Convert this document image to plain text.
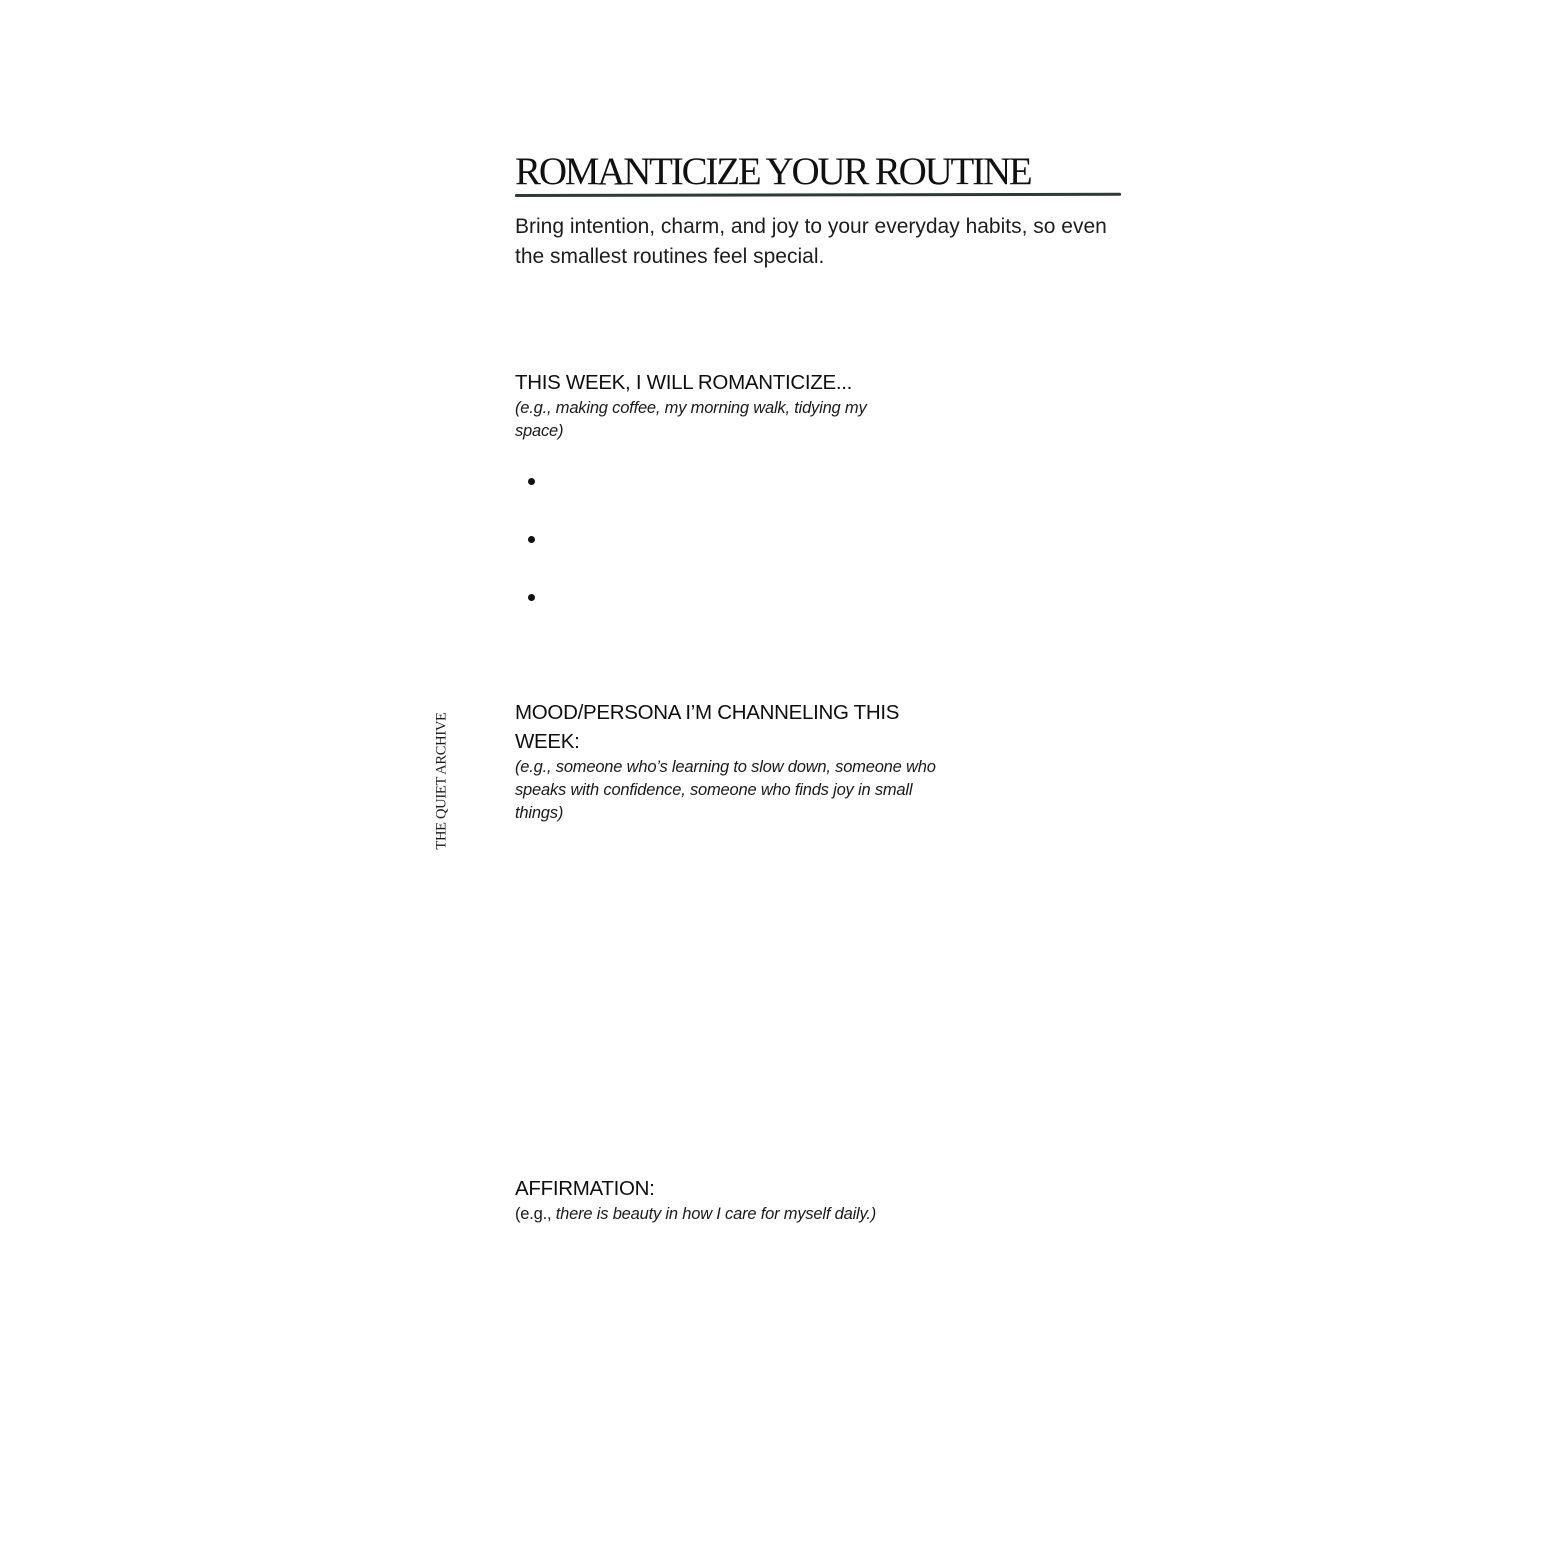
ROMANTICIZE YOUR ROUTINE

Bring intention, charm, and joy to your everyday habits, so even the smallest routines feel special.

THIS WEEK, I WILL ROMANTICIZE...

(e.g., making coffee, my morning walk, tidying my space)

THE QUIET ARCHIVE	MOOD/PERSONA I’M CHANNELING THIS WEEK:

(e.g., someone who’s learning to slow down, someone who speaks with confidence, someone who finds joy in small things)

AFFIRMATION:

(e.g., there is beauty in how I care for myself daily.)
